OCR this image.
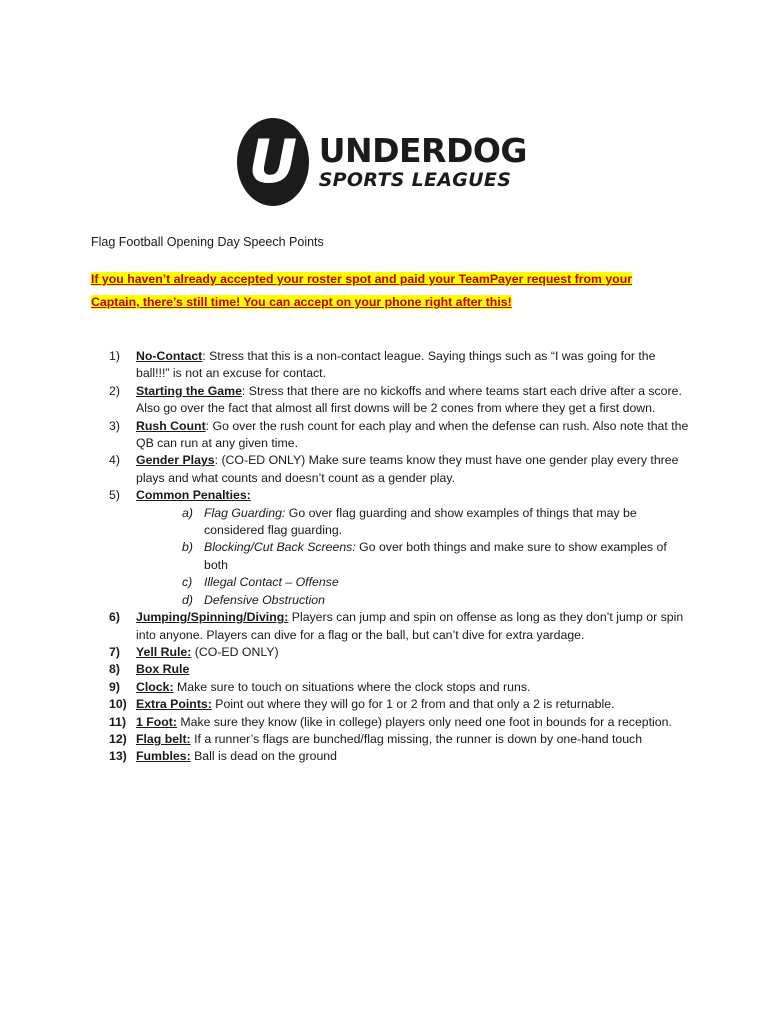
U UNDERDOG
SPORTS LEAGUES
Flag Football Opening Day Speech Points
If you haven’t already accepted your roster spot and paid your TeamPayer request from your
Captain, there’s still time! You can accept on your phone right after this!
1)	No-Contact: Stress that this is a non-contact league. Saying things such as “I was going for the ball!!!” is not an excuse for contact.
2)	Starting the Game: Stress that there are no kickoffs and where teams start each drive after a score. Also go over the fact that almost all first downs will be 2 cones from where they get a first down.
3)	Rush Count: Go over the rush count for each play and when the defense can rush. Also note that the QB can run at any given time.
4)	Gender Plays: (CO-ED ONLY) Make sure teams know they must have one gender play every three plays and what counts and doesn’t count as a gender play.
5)	Common Penalties:
a) Flag Guarding: Go over flag guarding and show examples of things that may be considered flag guarding.
b) Blocking/Cut Back Screens: Go over both things and make sure to show examples of both
c) Illegal Contact – Offense
d) Defensive Obstruction
6)	Jumping/Spinning/Diving: Players can jump and spin on offense as long as they don’t jump or spin into anyone. Players can dive for a flag or the ball, but can’t dive for extra yardage.
7)	Yell Rule: (CO-ED ONLY)
8)	Box Rule
9)	Clock: Make sure to touch on situations where the clock stops and runs.
10) Extra Points: Point out where they will go for 1 or 2 from and that only a 2 is returnable.
11) 1 Foot: Make sure they know (like in college) players only need one foot in bounds for a reception.
12) Flag belt: If a runner’s flags are bunched/flag missing, the runner is down by one-hand touch
13) Fumbles: Ball is dead on the ground
